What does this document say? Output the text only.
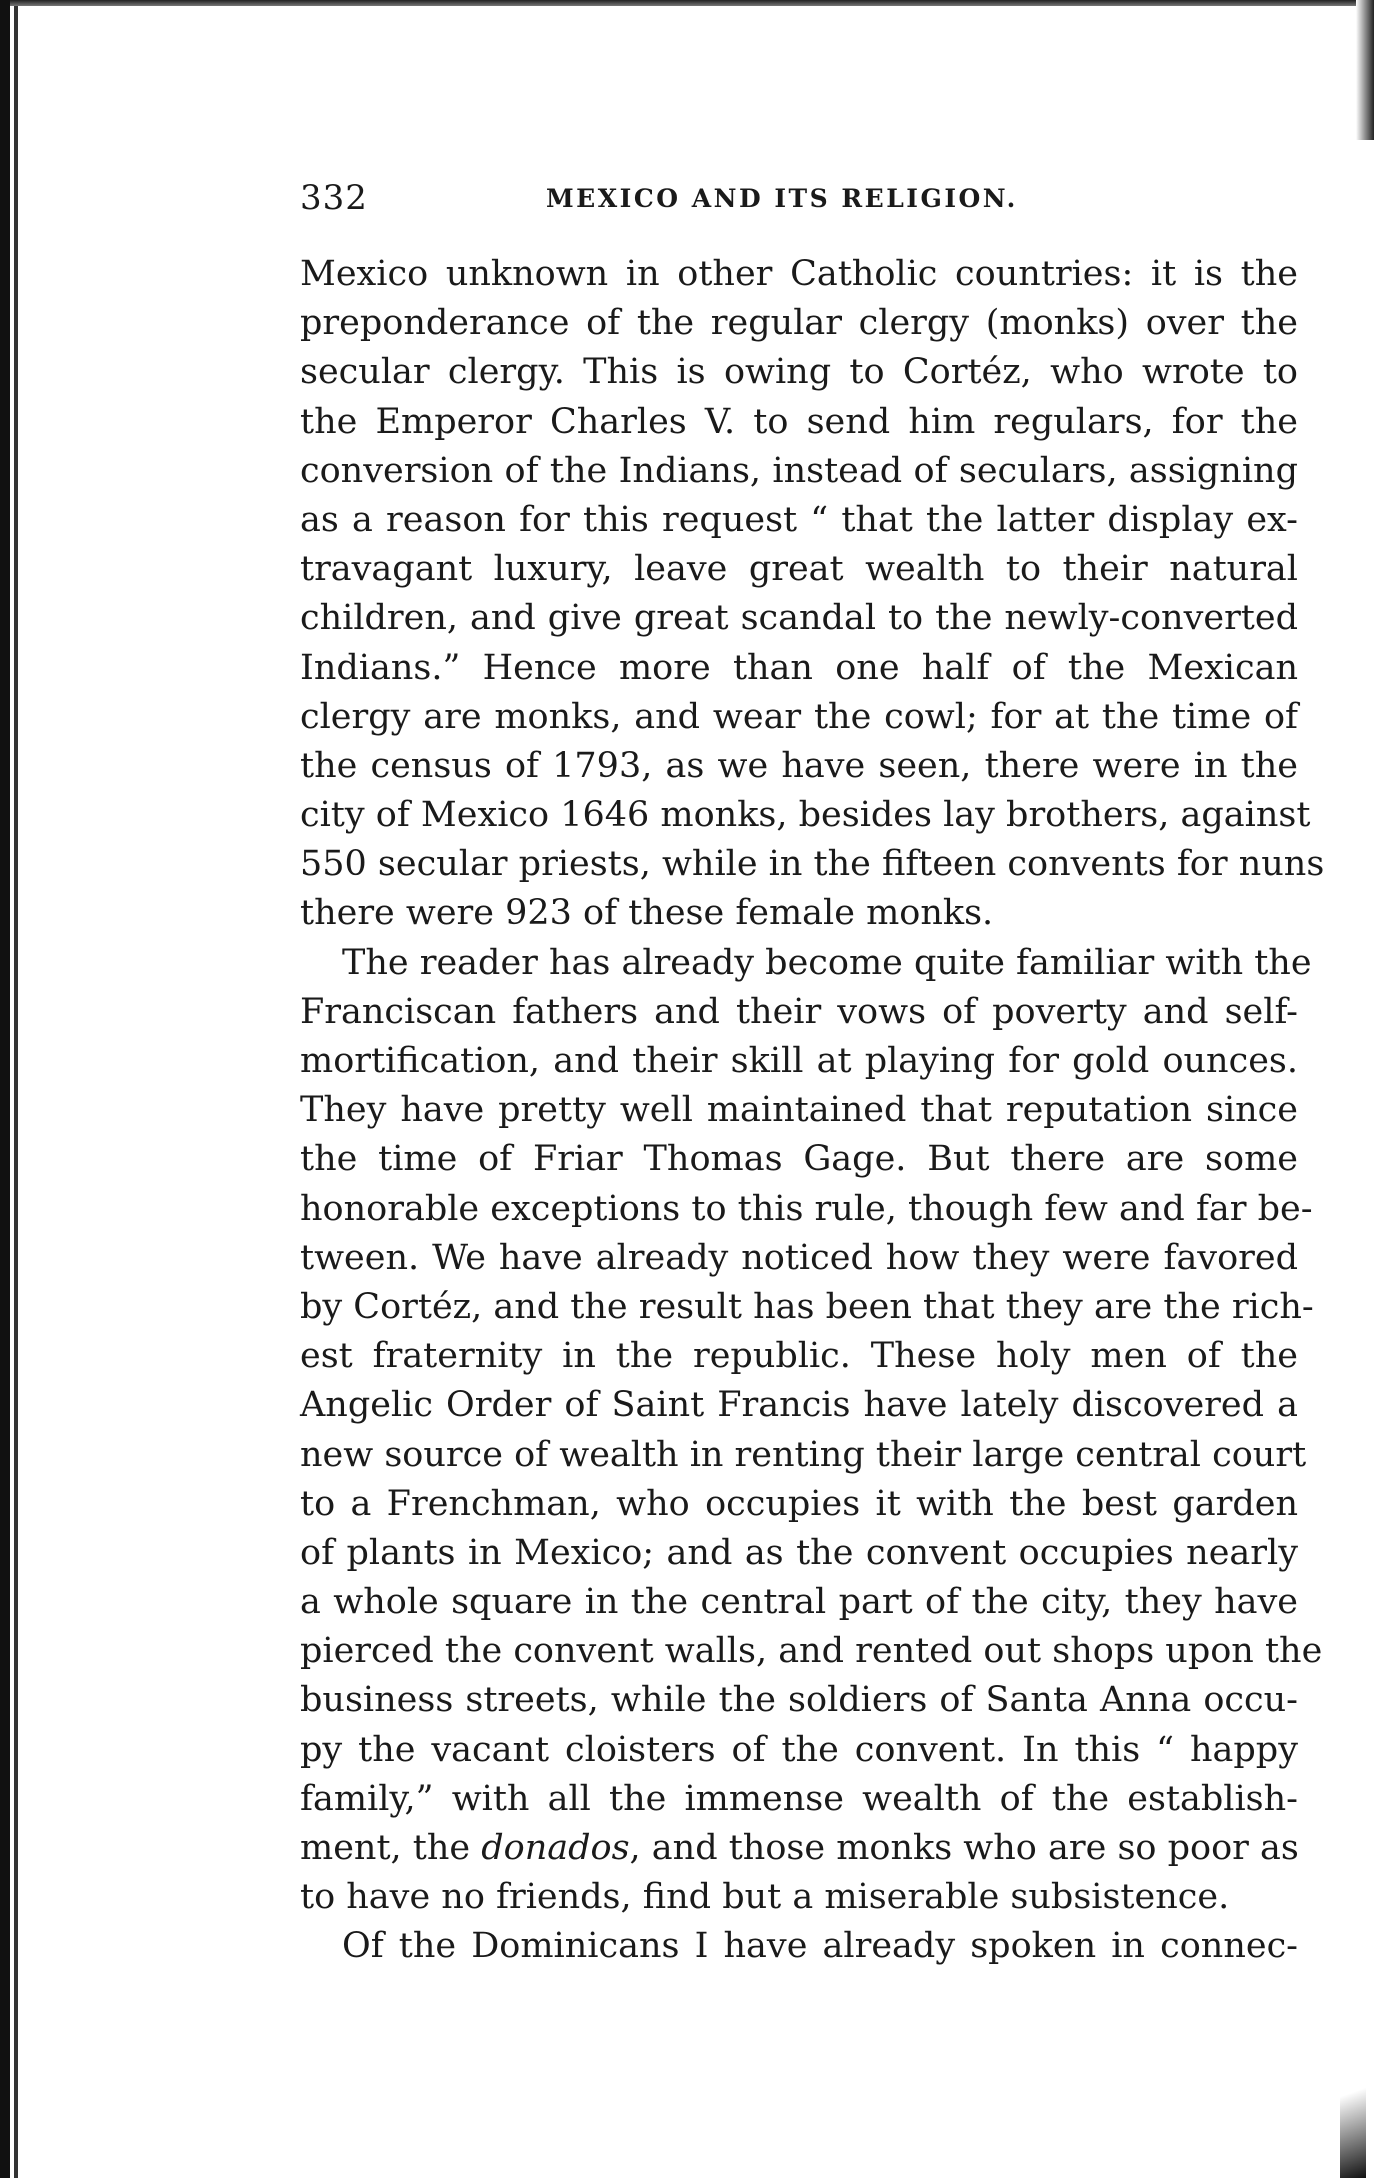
332	MEXICO AND ITS RELIGION.
Mexico unknown in other Catholic countries: it is the
preponderance of the regular clergy (monks) over the
secular clergy. This is owing to Cortéz, who wrote to
the Emperor Charles V. to send him regulars, for the
conversion of the Indians, instead of seculars, assigning
as a reason for this request “ that the latter display ex-
travagant luxury, leave great wealth to their natural
children, and give great scandal to the newly-converted
Indians.” Hence more than one half of the Mexican
clergy are monks, and wear the cowl; for at the time of
the census of 1793, as we have seen, there were in the
city of Mexico 1646 monks, besides lay brothers, against
550 secular priests, while in the fifteen convents for nuns
there were 923 of these female monks.
The reader has already become quite familiar with the
Franciscan fathers and their vows of poverty and self-
mortification, and their skill at playing for gold ounces.
They have pretty well maintained that reputation since
the time of Friar Thomas Gage. But there are some
honorable exceptions to this rule, though few and far be-
tween. We have already noticed how they were favored
by Cortéz, and the result has been that they are the rich-
est fraternity in the republic. These holy men of the
Angelic Order of Saint Francis have lately discovered a
new source of wealth in renting their large central court
to a Frenchman, who occupies it with the best garden
of plants in Mexico; and as the convent occupies nearly
a whole square in the central part of the city, they have
pierced the convent walls, and rented out shops upon the
business streets, while the soldiers of Santa Anna occu-
py the vacant cloisters of the convent. In this “ happy
family,” with all the immense wealth of the establish-
ment, the donados, and those monks who are so poor as
to have no friends, find but a miserable subsistence.
Of the Dominicans I have already spoken in connec-
